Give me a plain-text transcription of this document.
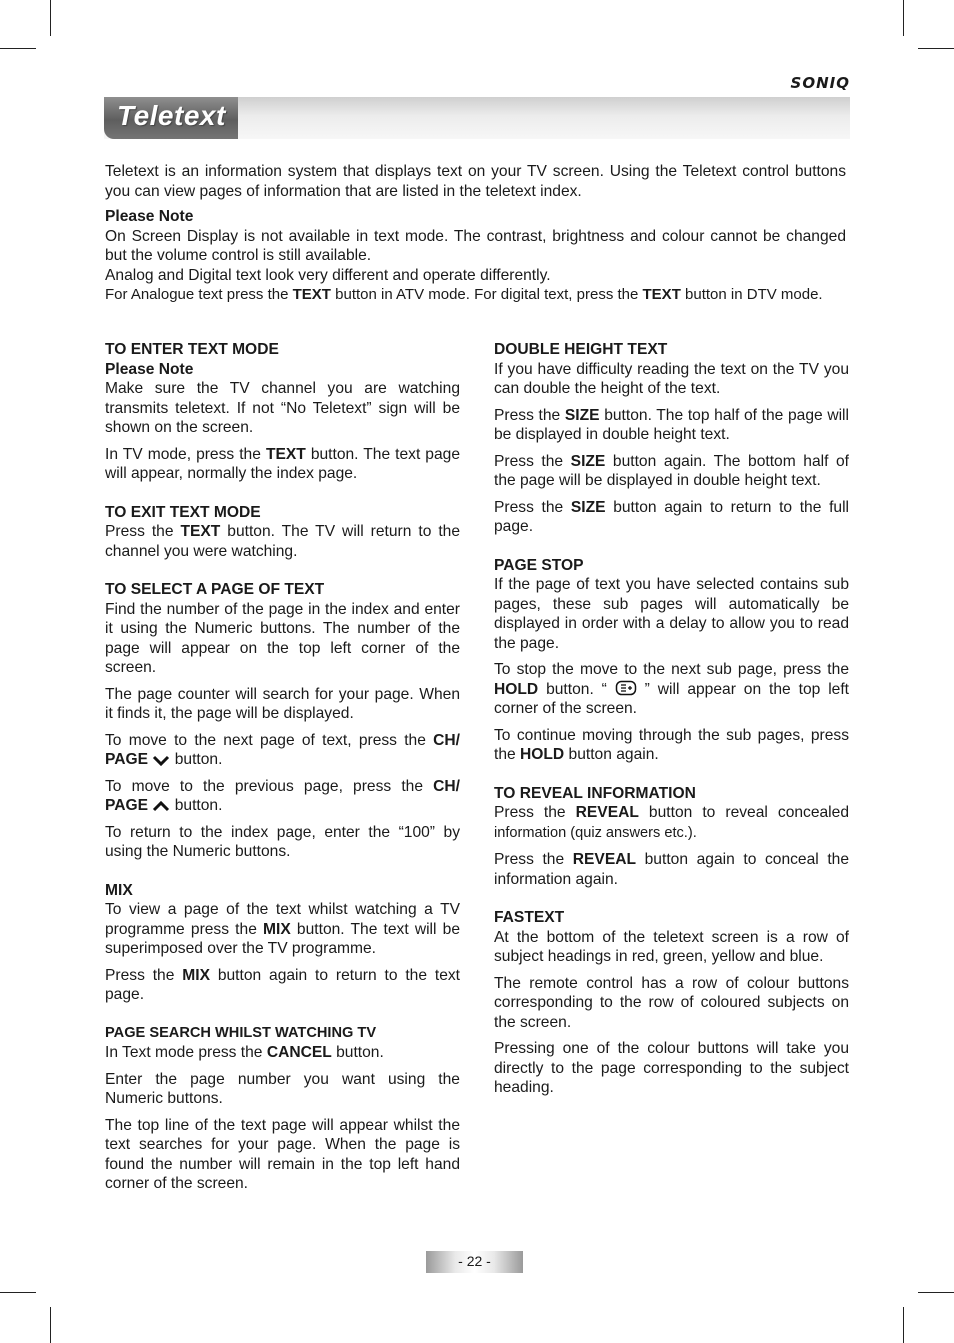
SONIQ
Teletext

Teletext is an information system that displays text on your TV screen. Using the Teletext control buttons you can view pages of information that are listed in the teletext index.

Please Note

On Screen Display is not available in text mode. The contrast, brightness and colour cannot be changed but the volume control is still available.

Analog and Digital text look very different and operate differently.

For Analogue text press the TEXT button in ATV mode. For digital text, press the TEXT button in DTV mode.

TO ENTER TEXT MODE

Please Note

Make sure the TV channel you are watching transmits teletext. If not “No Teletext” sign will be shown on the screen.

In TV mode, press the TEXT button. The text page will appear, normally the index page.

TO EXIT TEXT MODE

Press the TEXT button. The TV will return to the channel you were watching.

TO SELECT A PAGE OF TEXT

Find the number of the page in the index and enter it using the Numeric buttons. The number of the page will appear on the top left corner of the screen.

The page counter will search for your page. When it finds it, the page will be displayed.

To move to the next page of text, press the CH/ PAGE  button.

To move to the previous page, press the CH/ PAGE  button.

To return to the index page, enter the “100” by using the Numeric buttons.

MIX

To view a page of the text whilst watching a TV programme press the MIX button. The text will be superimposed over the TV programme.

Press the MIX button again to return to the text page.

PAGE SEARCH WHILST WATCHING TV

In Text mode press the CANCEL button.

Enter the page number you want using the Numeric buttons.

The top line of the text page will appear whilst the text searches for your page. When the page is found the number will remain in the top left hand corner of the screen.

DOUBLE HEIGHT TEXT

If you have difficulty reading the text on the TV you can double the height of the text.

Press the SIZE button. The top half of the page will be displayed in double height text.

Press the SIZE button again. The bottom half of the page will be displayed in double height text.

Press the SIZE button again to return to the full page.

PAGE STOP

If the page of text you have selected contains sub pages, these sub pages will automatically be displayed in order with a delay to allow you to read the page.

To stop the move to the next sub page, press the HOLD button. “  ” will appear on the top left corner of the screen.

To continue moving through the sub pages, press the HOLD button again.

TO REVEAL INFORMATION

Press the REVEAL button to reveal concealed information (quiz answers etc.).

Press the REVEAL button again to conceal the information again.

FASTEXT

At the bottom of the teletext screen is a row of subject headings in red, green, yellow and blue.

The remote control has a row of colour buttons corresponding to the row of coloured subjects on the screen.

Pressing one of the colour buttons will take you directly to the page corresponding to the subject heading.

- 22 -
